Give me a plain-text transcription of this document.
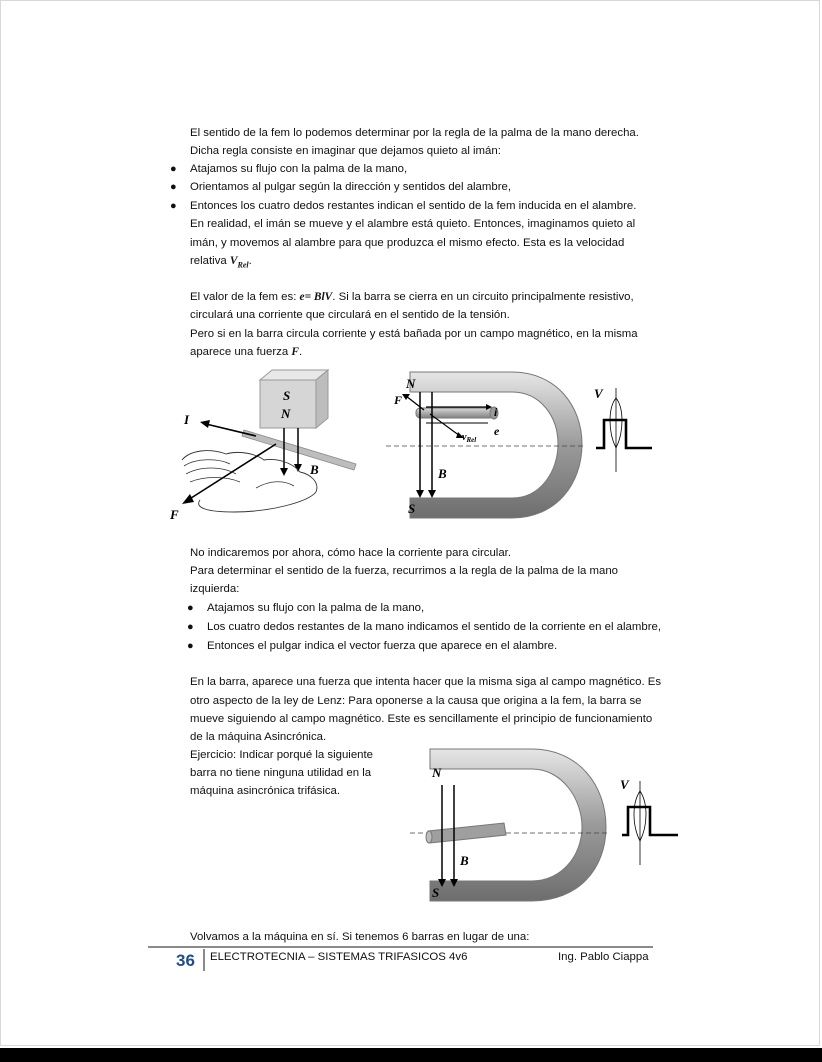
El sentido de la fem lo podemos determinar por la regla de la palma de la mano derecha.
Dicha regla consiste en imaginar que dejamos quieto al imán:
● Atajamos su flujo con la palma de la mano,
● Orientamos al pulgar según la dirección y sentidos del alambre,
● Entonces los cuatro dedos restantes indican el sentido de la fem inducida en el alambre.
En realidad, el imán se mueve y el alambre está quieto. Entonces, imaginamos quieto al
imán, y movemos al alambre para que produzca el mismo efecto. Esta es la velocidad
relativa $V_{Rel}$.
El valor de la fem es: e= BlV. Si la barra se cierra en un circuito principalmente resistivo,
circulará una corriente que circulará en el sentido de la tensión.
Pero si en la barra circula corriente y está bañada por un campo magnético, en la misma
aparece una fuerza F.
S
N
I
B
F
N
S
i
e
F
$v_{Rel}$
B
V
No indicaremos por ahora, cómo hace la corriente para circular.
Para determinar el sentido de la fuerza, recurrimos a la regla de la palma de la mano
izquierda:
● Atajamos su flujo con la palma de la mano,
● Los cuatro dedos restantes de la mano indicamos el sentido de la corriente en el alambre,
● Entonces el pulgar indica el vector fuerza que aparece en el alambre.
En la barra, aparece una fuerza que intenta hacer que la misma siga al campo magnético. Es
otro aspecto de la ley de Lenz: Para oponerse a la causa que origina a la fem, la barra se
mueve siguiendo al campo magnético. Este es sencillamente el principio de funcionamiento
de la máquina Asincrónica.
Ejercicio: Indicar porqué la siguiente
barra no tiene ninguna utilidad en la
máquina asincrónica trifásica.
N
S
B
V
Volvamos a la máquina en sí. Si tenemos 6 barras en lugar de una:
36 ELECTROTECNIA – SISTEMAS TRIFASICOS 4v6	Ing. Pablo Ciappa
